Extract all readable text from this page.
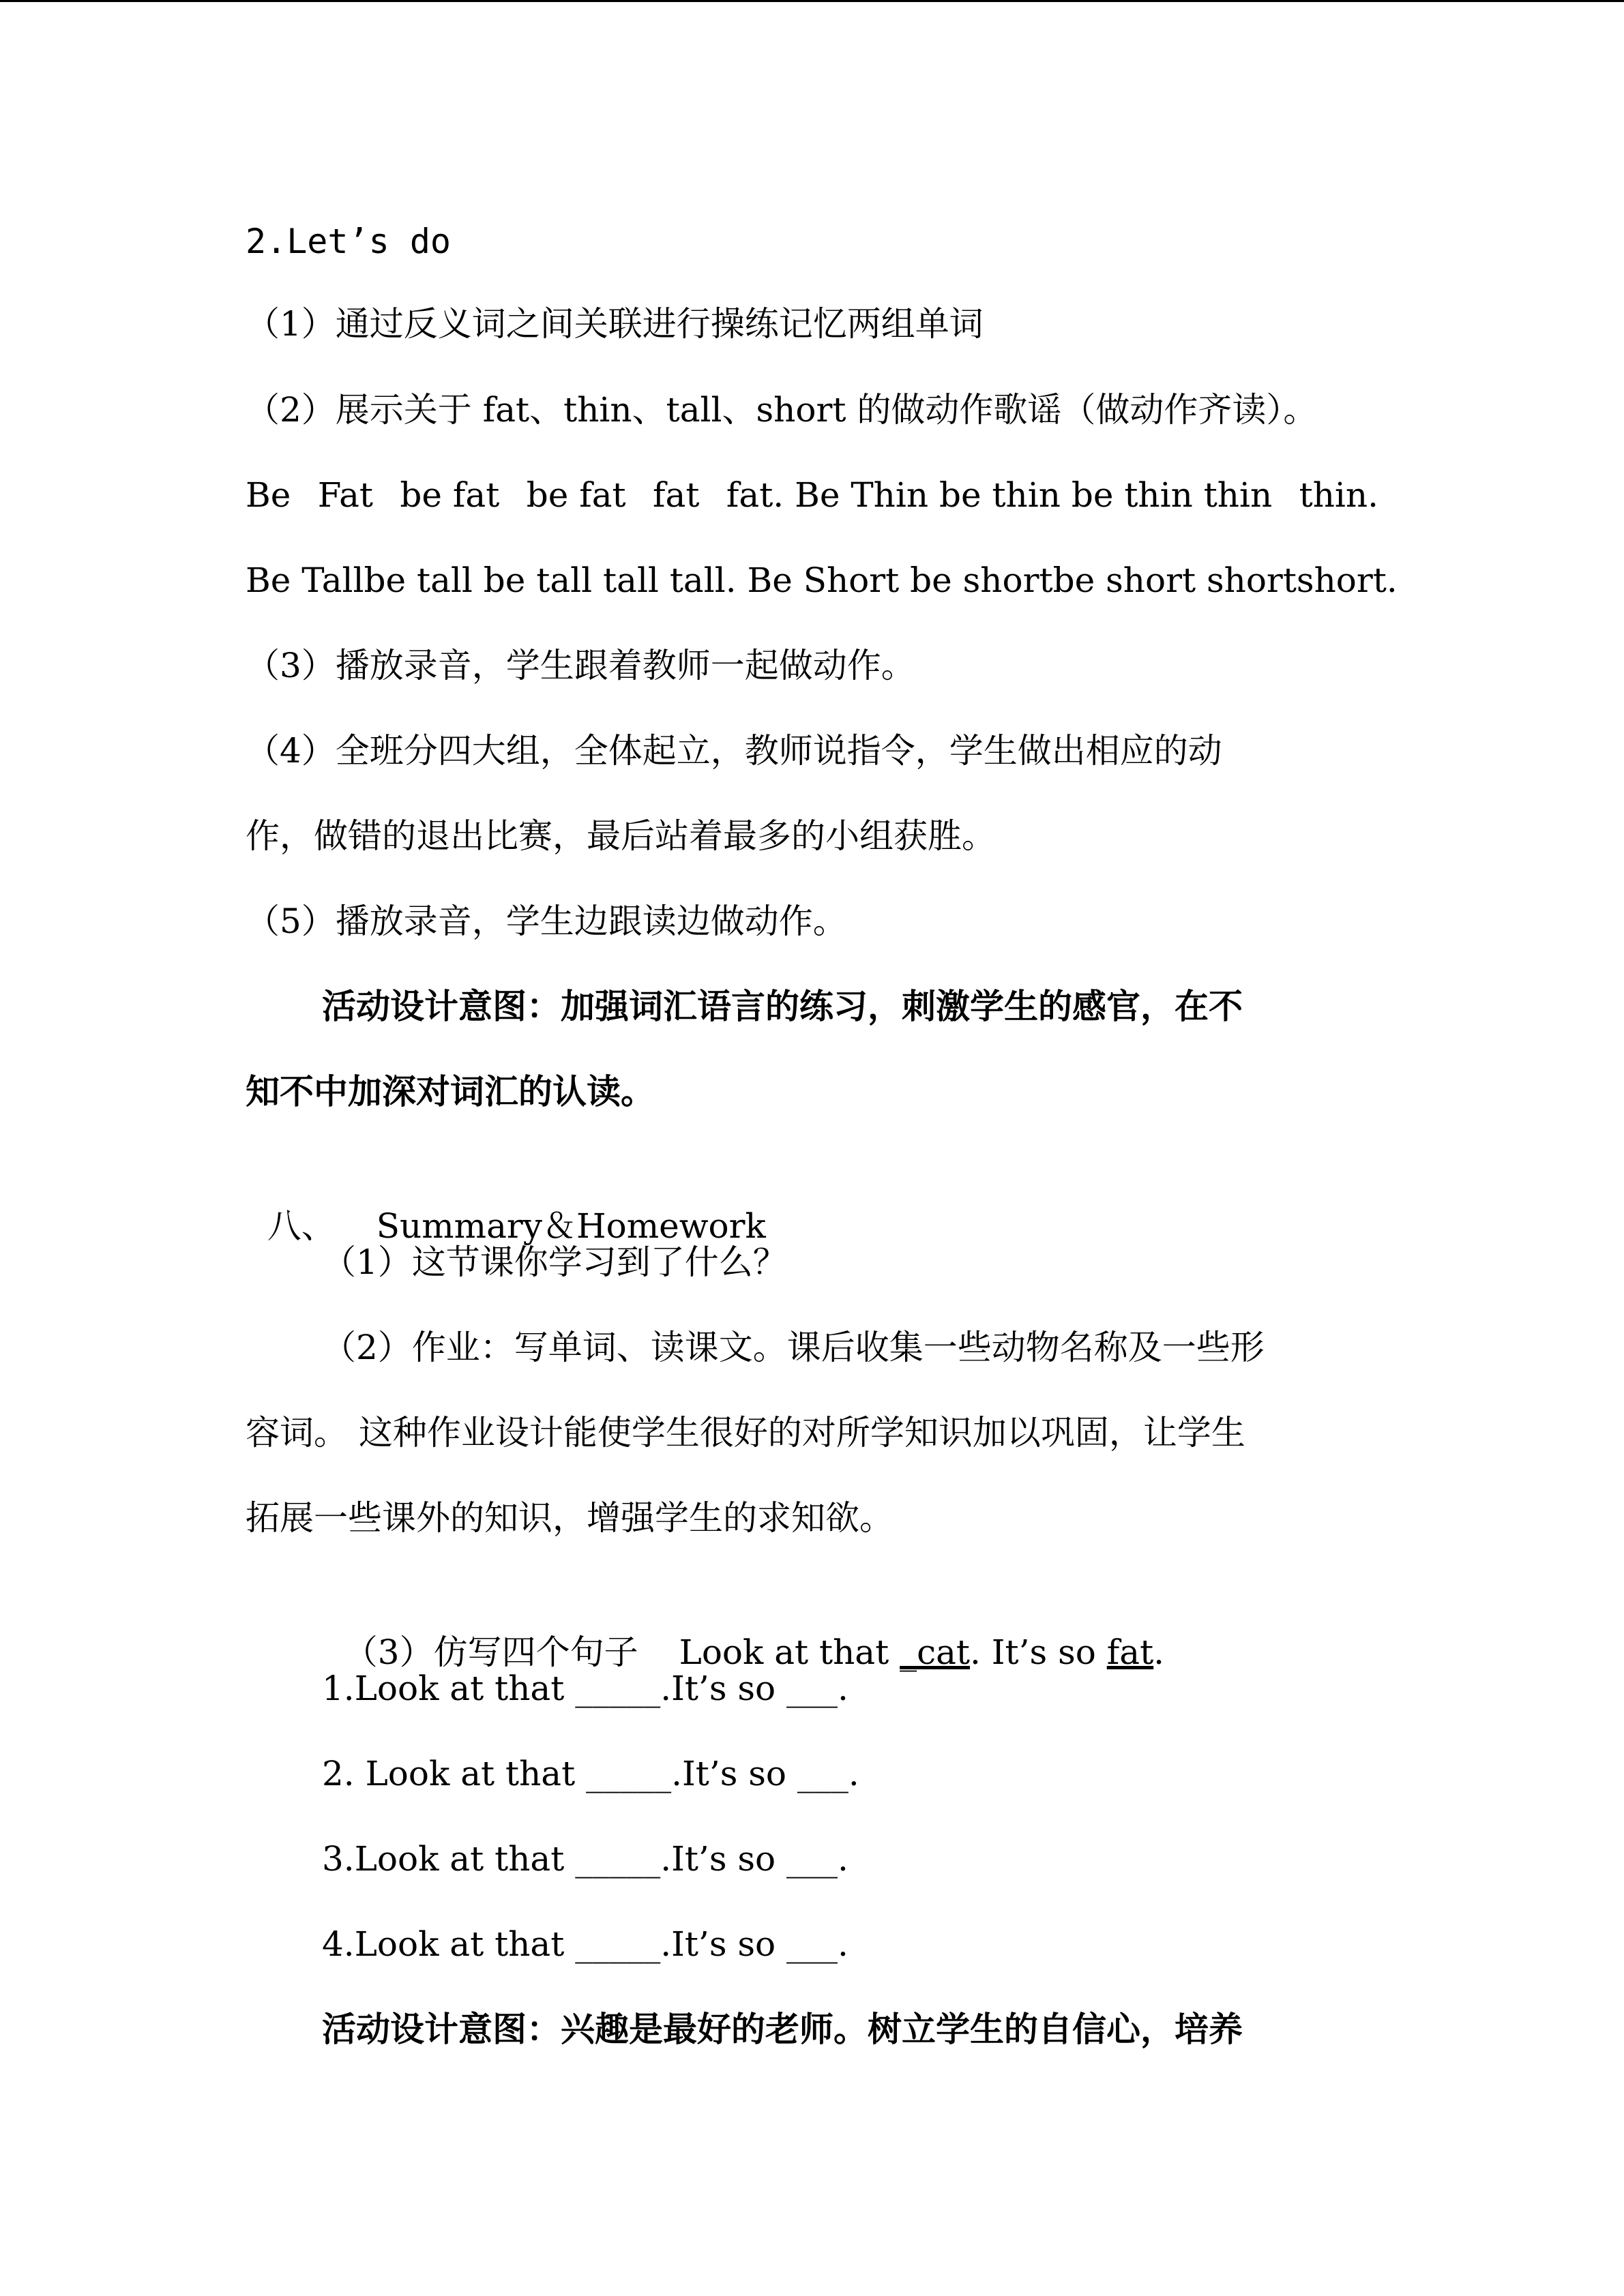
2.Let’s do
（1）通过反义词之间关联进行操练记忆两组单词
（2）展示关于 fat、thin、tall、short 的做动作歌谣（做动作齐读）。
Be Fat be fat be fat fat fat. Be Thin be thin be thin thin thin.
Be Tall be tall be tall tall tall. Be Short be short be short short short.
（3）播放录音，学生跟着教师一起做动作。
（4）全班分四大组，全体起立，教师说指令，学生做出相应的动
作，做错的退出比赛，最后站着最多的小组获胜。
（5）播放录音，学生边跟读边做动作。
活动设计意图：加强词汇语言的练习，刺激学生的感官，在不
知不中加深对词汇的认读。

八、 Summary＆Homework

（1）这节课你学习到了什么？
（2）作业：写单词、读课文。课后收集一些动物名称及一些形
容词。 这种作业设计能使学生很好的对所学知识加以巩固，让学生
拓展一些课外的知识，增强学生的求知欲。

（3）仿写四个句子 Look at that _cat. It’s so fat.

1.Look at that _____.It’s so ___.
2. Look at that _____.It’s so ___.
3.Look at that _____.It’s so ___.
4.Look at that _____.It’s so ___.
活动设计意图：兴趣是最好的老师。树立学生的自信心，培养
